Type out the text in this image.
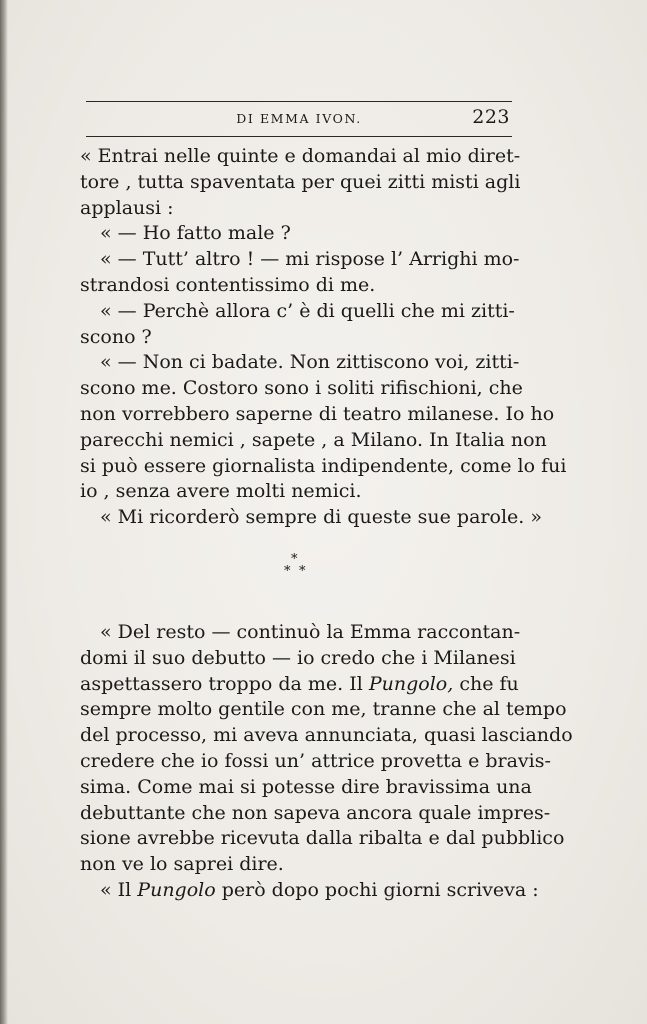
DI EMMA IVON.	223
« Entrai nelle quinte e domandai al mio diret-
tore , tutta spaventata per quei zitti misti agli
applausi :
« — Ho fatto male ?
« — Tutt’ altro ! — mi rispose l’ Arrighi mo-
strandosi contentissimo di me.
« — Perchè allora c’ è di quelli che mi zitti-
scono ?
« — Non ci badate. Non zittiscono voi, zitti-
scono me. Costoro sono i soliti rifischioni, che
non vorrebbero saperne di teatro milanese. Io ho
parecchi nemici , sapete , a Milano. In Italia non
si può essere giornalista indipendente, come lo fui
io , senza avere molti nemici.
« Mi ricorderò sempre di queste sue parole. »
*
* *
« Del resto — continuò la Emma raccontan-
domi il suo debutto — io credo che i Milanesi
aspettassero troppo da me. Il Pungolo, che fu
sempre molto gentile con me, tranne che al tempo
del processo, mi aveva annunciata, quasi lasciando
credere che io fossi un’ attrice provetta e bravis-
sima. Come mai si potesse dire bravissima una
debuttante che non sapeva ancora quale impres-
sione avrebbe ricevuta dalla ribalta e dal pubblico
non ve lo saprei dire.
« Il Pungolo però dopo pochi giorni scriveva :
